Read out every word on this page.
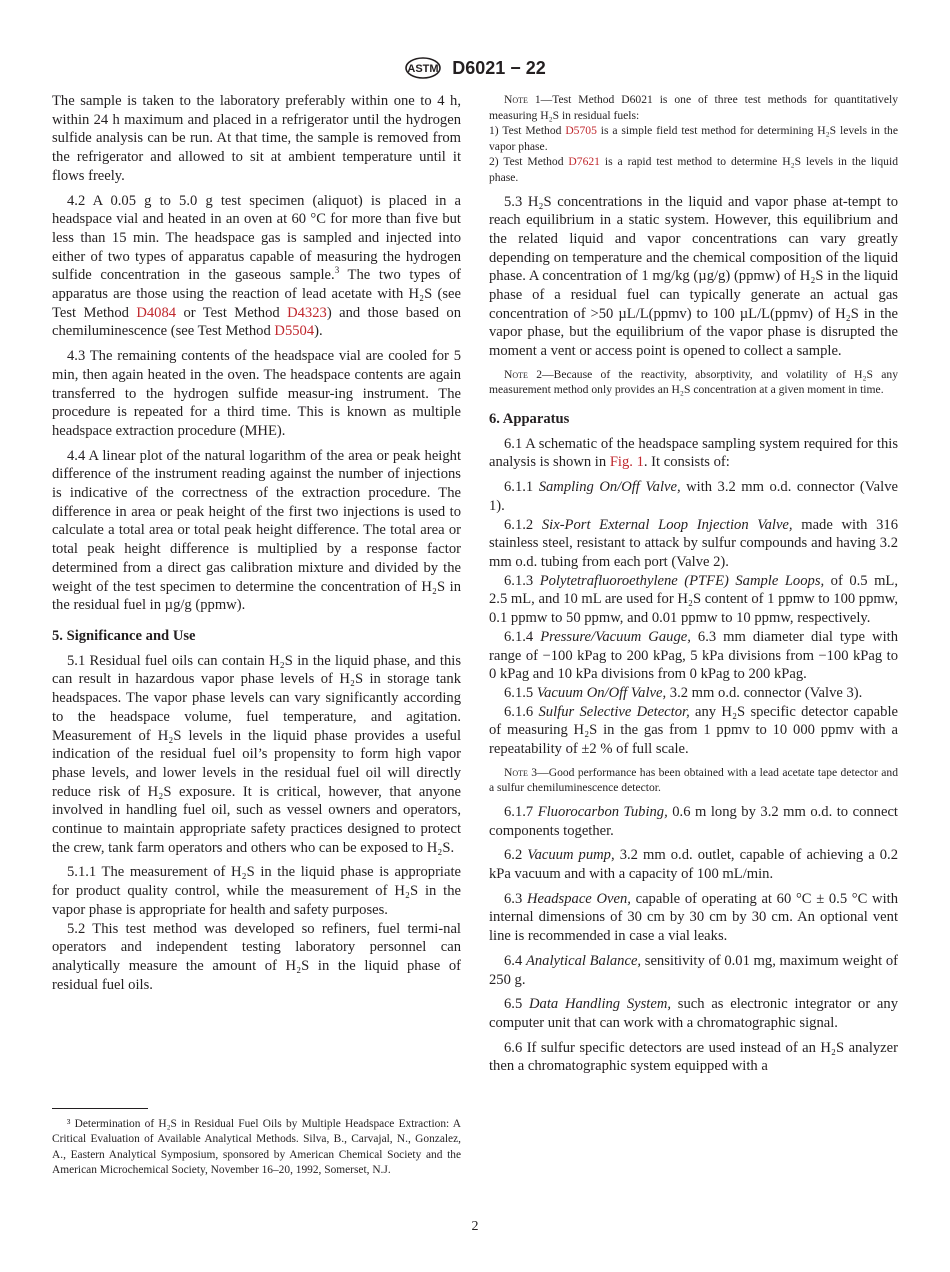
ASTM D6021 − 22
The sample is taken to the laboratory preferably within one to 4 h, within 24 h maximum and placed in a refrigerator until the hydrogen sulfide analysis can be run. At that time, the sample is removed from the refrigerator and allowed to sit at ambient temperature until it flows freely.
4.2 A 0.05 g to 5.0 g test specimen (aliquot) is placed in a headspace vial and heated in an oven at 60 °C for more than five but less than 15 min. The headspace gas is sampled and injected into either of two types of apparatus capable of measuring the hydrogen sulfide concentration in the gaseous sample.$^3$ The two types of apparatus are those using the reaction of lead acetate with H₂S (see Test Method D4084 or Test Method D4323) and those based on chemiluminescence (see Test Method D5504).
4.3 The remaining contents of the headspace vial are cooled for 5 min, then again heated in the oven. The headspace contents are again transferred to the hydrogen sulfide measur-ing instrument. The procedure is repeated for a third time. This is known as multiple headspace extraction procedure (MHE).
4.4 A linear plot of the natural logarithm of the area or peak height difference of the instrument reading against the number of injections is indicative of the correctness of the extraction procedure. The difference in area or peak height of the first two injections is used to calculate a total area or total peak height difference. The total area or total peak height difference is multiplied by a response factor determined from a direct gas calibration mixture and divided by the weight of the test specimen to determine the concentration of H₂S in the residual fuel in µg/g (ppmw).
5. Significance and Use
5.1 Residual fuel oils can contain H₂S in the liquid phase, and this can result in hazardous vapor phase levels of H₂S in storage tank headspaces. The vapor phase levels can vary significantly according to the headspace volume, fuel temperature, and agitation. Measurement of H₂S levels in the liquid phase provides a useful indication of the residual fuel oil’s propensity to form high vapor phase levels, and lower levels in the residual fuel oil will directly reduce risk of H₂S exposure. It is critical, however, that anyone involved in handling fuel oil, such as vessel owners and operators, continue to maintain appropriate safety practices designed to protect the crew, tank farm operators and others who can be exposed to H₂S.
5.1.1 The measurement of H₂S in the liquid phase is appropriate for product quality control, while the measurement of H₂S in the vapor phase is appropriate for health and safety purposes.
5.2 This test method was developed so refiners, fuel termi-nal operators and independent testing laboratory personnel can analytically measure the amount of H₂S in the liquid phase of residual fuel oils.
Note 1—Test Method D6021 is one of three test methods for quantitatively measuring H₂S in residual fuels:
1) Test Method D5705 is a simple field test method for determining H₂S levels in the vapor phase.
2) Test Method D7621 is a rapid test method to determine H₂S levels in the liquid phase.
5.3 H₂S concentrations in the liquid and vapor phase at-tempt to reach equilibrium in a static system. However, this equilibrium and the related liquid and vapor concentrations can vary greatly depending on temperature and the chemical composition of the liquid phase. A concentration of 1 mg/kg (µg/g) (ppmw) of H₂S in the liquid phase of a residual fuel can typically generate an actual gas concentration of >50 µL/L(ppmv) to 100 µL/L(ppmv) of H₂S in the vapor phase, but the equilibrium of the vapor phase is disrupted the moment a vent or access point is opened to collect a sample.
Note 2—Because of the reactivity, absorptivity, and volatility of H₂S any measurement method only provides an H₂S concentration at a given moment in time.
6. Apparatus
6.1 A schematic of the headspace sampling system required for this analysis is shown in Fig. 1. It consists of:
6.1.1 Sampling On/Off Valve, with 3.2 mm o.d. connector (Valve 1).
6.1.2 Six-Port External Loop Injection Valve, made with 316 stainless steel, resistant to attack by sulfur compounds and having 3.2 mm o.d. tubing from each port (Valve 2).
6.1.3 Polytetrafluoroethylene (PTFE) Sample Loops, of 0.5 mL, 2.5 mL, and 10 mL are used for H₂S content of 1 ppmw to 100 ppmw, 0.1 ppmw to 50 ppmw, and 0.01 ppmw to 10 ppmw, respectively.
6.1.4 Pressure/Vacuum Gauge, 6.3 mm diameter dial type with range of −100 kPag to 200 kPag, 5 kPa divisions from −100 kPag to 0 kPag and 10 kPa divisions from 0 kPag to 200 kPag.
6.1.5 Vacuum On/Off Valve, 3.2 mm o.d. connector (Valve 3).
6.1.6 Sulfur Selective Detector, any H₂S specific detector capable of measuring H₂S in the gas from 1 ppmv to 10 000 ppmv with a repeatability of ±2 % of full scale.
Note 3—Good performance has been obtained with a lead acetate tape detector and a sulfur chemiluminescence detector.
6.1.7 Fluorocarbon Tubing, 0.6 m long by 3.2 mm o.d. to connect components together.
6.2 Vacuum pump, 3.2 mm o.d. outlet, capable of achieving a 0.2 kPa vacuum and with a capacity of 100 mL/min.
6.3 Headspace Oven, capable of operating at 60 °C ± 0.5 °C with internal dimensions of 30 cm by 30 cm by 30 cm. An optional vent line is recommended in case a vial leaks.
6.4 Analytical Balance, sensitivity of 0.01 mg, maximum weight of 250 g.
6.5 Data Handling System, such as electronic integrator or any computer unit that can work with a chromatographic signal.
6.6 If sulfur specific detectors are used instead of an H₂S analyzer then a chromatographic system equipped with a
³ Determination of H₂S in Residual Fuel Oils by Multiple Headspace Extraction: A Critical Evaluation of Available Analytical Methods. Silva, B., Carvajal, N., Gonzalez, A., Eastern Analytical Symposium, sponsored by American Chemical Society and the American Microchemical Society, November 16–20, 1992, Somerset, N.J.
2
